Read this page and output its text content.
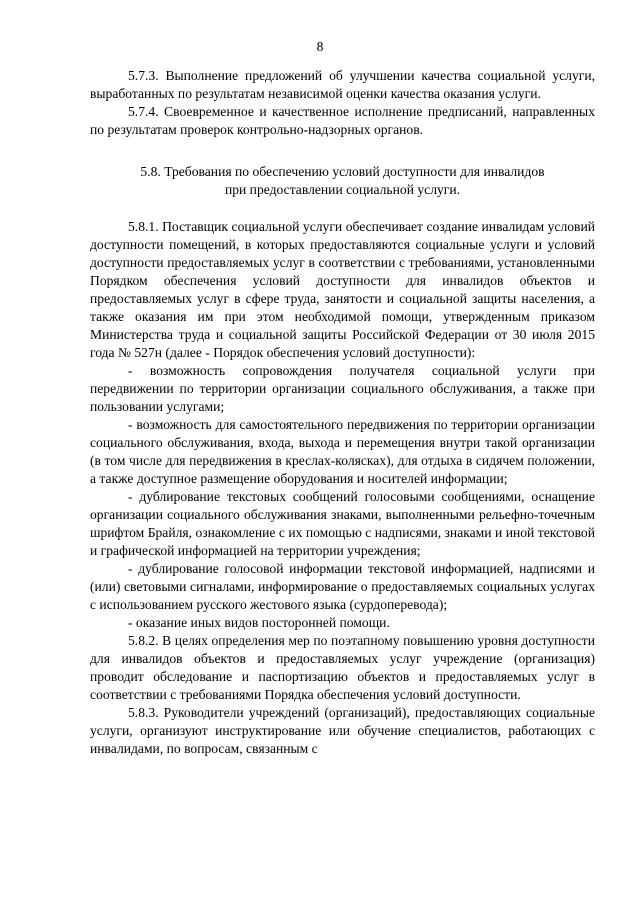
8

5.7.3. Выполнение предложений об улучшении качества социальной услуги, выработанных по результатам независимой оценки качества оказания услуги.

5.7.4. Своевременное и качественное исполнение предписаний, направленных по результатам проверок контрольно-надзорных органов.

5.8. Требования по обеспечению условий доступности для инвалидов
при предоставлении социальной услуги.

5.8.1. Поставщик социальной услуги обеспечивает создание инвалидам условий доступности помещений, в которых предоставляются социальные услуги и условий доступности предоставляемых услуг в соответствии с требованиями, установленными Порядком обеспечения условий доступности для инвалидов объектов и предоставляемых услуг в сфере труда, занятости и социальной защиты населения, а также оказания им при этом необходимой помощи, утвержденным приказом Министерства труда и социальной защиты Российской Федерации от 30 июля 2015 года № 527н (далее - Порядок обеспечения условий доступности):

- возможность сопровождения получателя социальной услуги при передвижении по территории организации социального обслуживания, а также при пользовании услугами;

- возможность для самостоятельного передвижения по территории организации социального обслуживания, входа, выхода и перемещения внутри такой организации (в том числе для передвижения в креслах-колясках), для отдыха в сидячем положении, а также доступное размещение оборудования и носителей информации;

- дублирование текстовых сообщений голосовыми сообщениями, оснащение организации социального обслуживания знаками, выполненными рельефно-точечным шрифтом Брайля, ознакомление с их помощью с надписями, знаками и иной текстовой и графической информацией на территории учреждения;

- дублирование голосовой информации текстовой информацией, надписями и (или) световыми сигналами, информирование о предоставляемых социальных услугах с использованием русского жестового языка (сурдоперевода);

- оказание иных видов посторонней помощи.

5.8.2. В целях определения мер по поэтапному повышению уровня доступности для инвалидов объектов и предоставляемых услуг учреждение (организация) проводит обследование и паспортизацию объектов и предоставляемых услуг в соответствии с требованиями Порядка обеспечения условий доступности.

5.8.3. Руководители учреждений (организаций), предоставляющих социальные услуги, организуют инструктирование или обучение специалистов, работающих с инвалидами, по вопросам, связанным с
